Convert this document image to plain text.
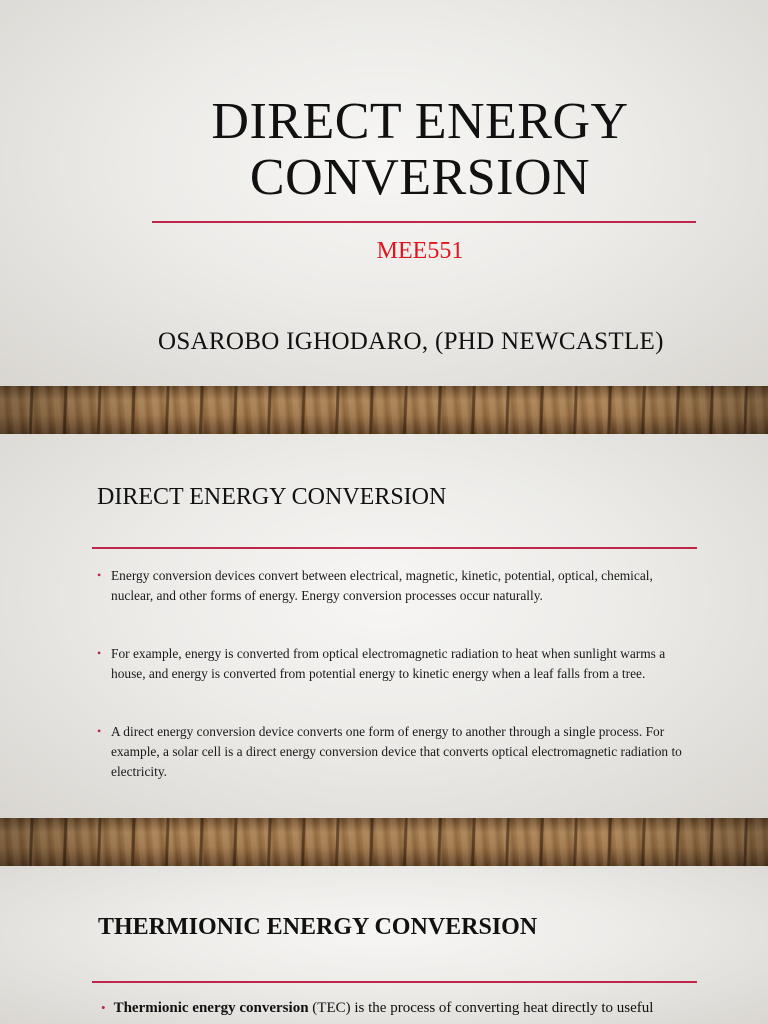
DIRECT ENERGY
CONVERSION
MEE551
OSAROBO IGHODARO, (PHD NEWCASTLE)
DIRECT ENERGY CONVERSION
• Energy conversion devices convert between electrical, magnetic, kinetic, potential, optical, chemical, nuclear, and other forms of energy. Energy conversion processes occur naturally.
• For example, energy is converted from optical electromagnetic radiation to heat when sunlight warms a house, and energy is converted from potential energy to kinetic energy when a leaf falls from a tree.
• A direct energy conversion device converts one form of energy to another through a single process. For example, a solar cell is a direct energy conversion device that converts optical electromagnetic radiation to electricity.
THERMIONIC ENERGY CONVERSION
• Thermionic energy conversion (TEC) is the process of converting heat directly to useful
